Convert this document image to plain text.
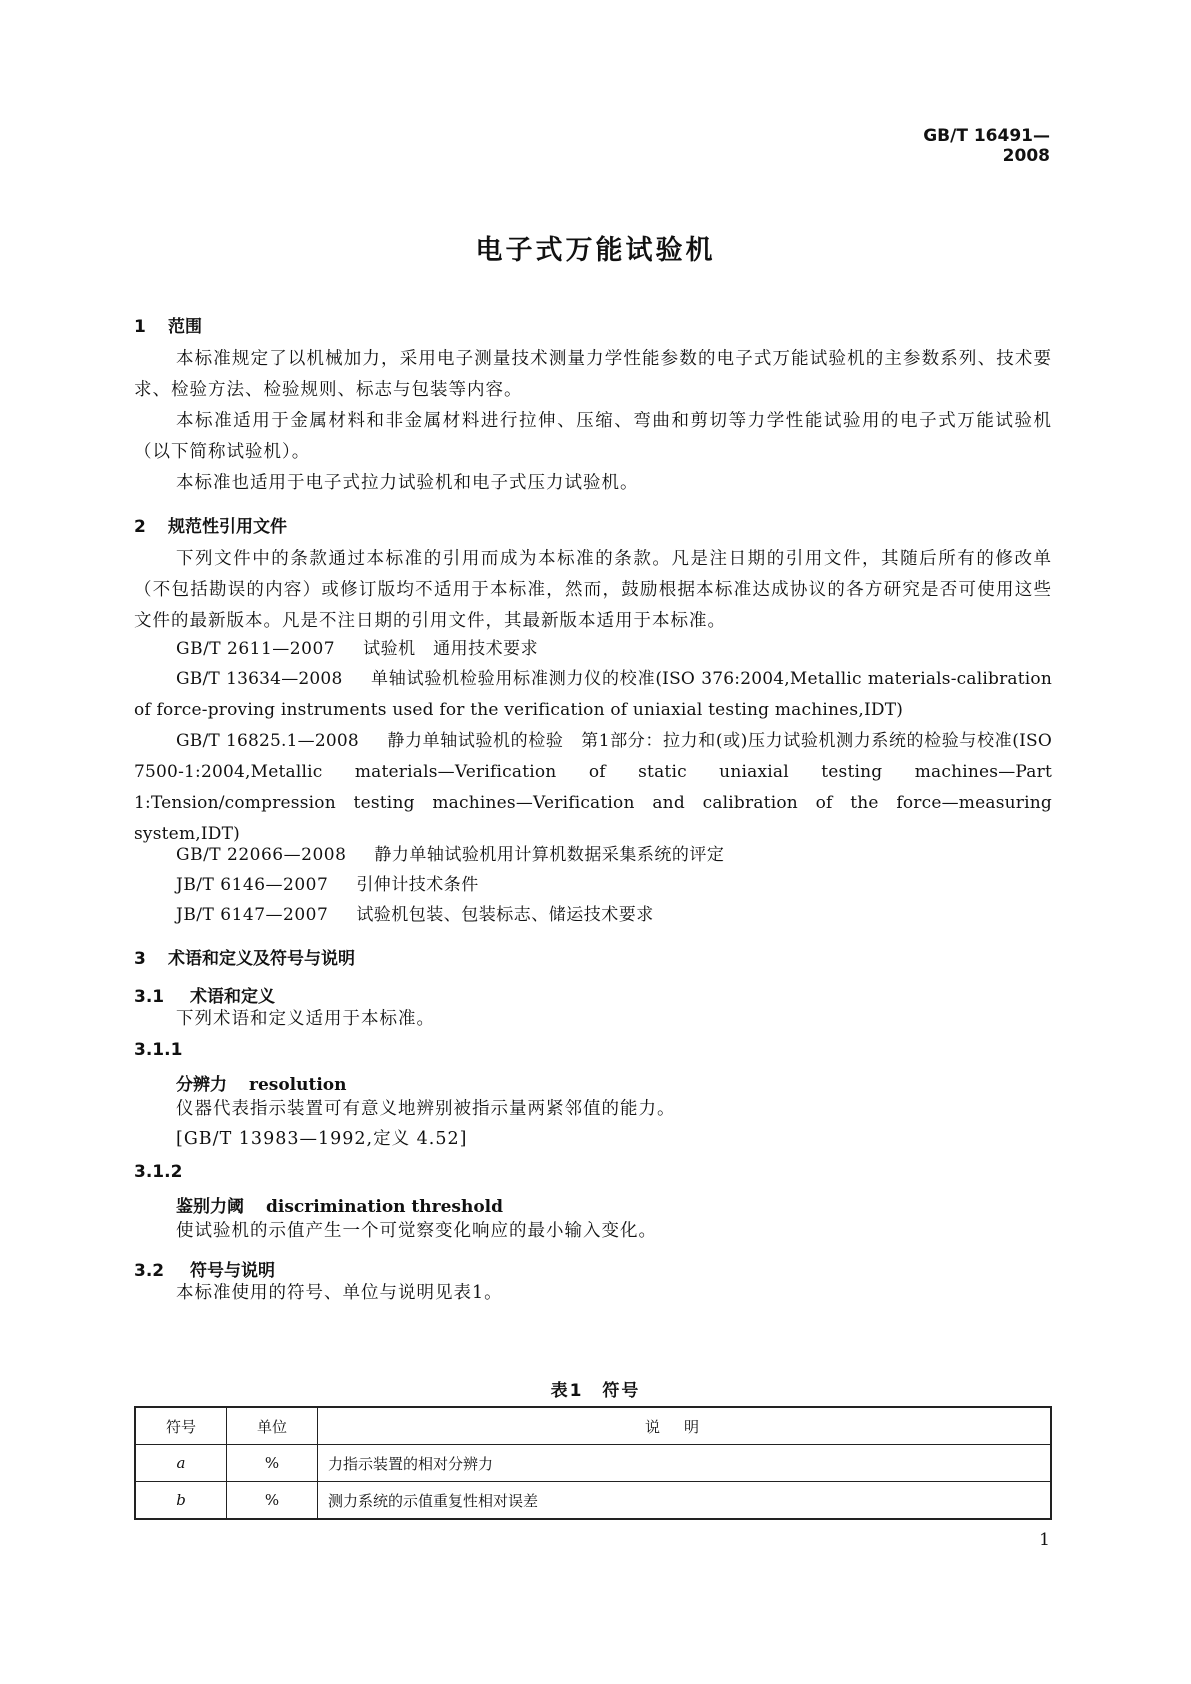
GB/T 16491—2008
电子式万能试验机
1 范围
本标准规定了以机械加力，采用电子测量技术测量力学性能参数的电子式万能试验机的主参数系列、技术要求、检验方法、检验规则、标志与包装等内容。
本标准适用于金属材料和非金属材料进行拉伸、压缩、弯曲和剪切等力学性能试验用的电子式万能试验机（以下简称试验机）。
本标准也适用于电子式拉力试验机和电子式压力试验机。
2 规范性引用文件
下列文件中的条款通过本标准的引用而成为本标准的条款。凡是注日期的引用文件，其随后所有的修改单（不包括勘误的内容）或修订版均不适用于本标准，然而，鼓励根据本标准达成协议的各方研究是否可使用这些文件的最新版本。凡是不注日期的引用文件，其最新版本适用于本标准。
GB/T 2611—2007 试验机　通用技术要求
GB/T 13634—2008 单轴试验机检验用标准测力仪的校准(ISO 376:2004,Metallic materials-calibration of force-proving instruments used for the verification of uniaxial testing machines,IDT)
GB/T 16825.1—2008 静力单轴试验机的检验　第1部分：拉力和(或)压力试验机测力系统的检验与校准(ISO 7500-1:2004,Metallic materials—Verification of static uniaxial testing machines—Part 1:Tension/compression testing machines—Verification and calibration of the force—measuring system,IDT)
GB/T 22066—2008 静力单轴试验机用计算机数据采集系统的评定
JB/T 6146—2007 引伸计技术条件
JB/T 6147—2007 试验机包装、包装标志、储运技术要求
3 术语和定义及符号与说明
3.1 术语和定义
下列术语和定义适用于本标准。
3.1.1
分辨力 resolution
仪器代表指示装置可有意义地辨别被指示量两紧邻值的能力。
[GB/T 13983—1992,定义 4.52]
3.1.2
鉴别力阈 discrimination threshold
使试验机的示值产生一个可觉察变化响应的最小输入变化。
3.2 符号与说明
本标准使用的符号、单位与说明见表1。
表1　符号
符号	单位	说明
a	%	力指示装置的相对分辨力
b	%	测力系统的示值重复性相对误差
1
